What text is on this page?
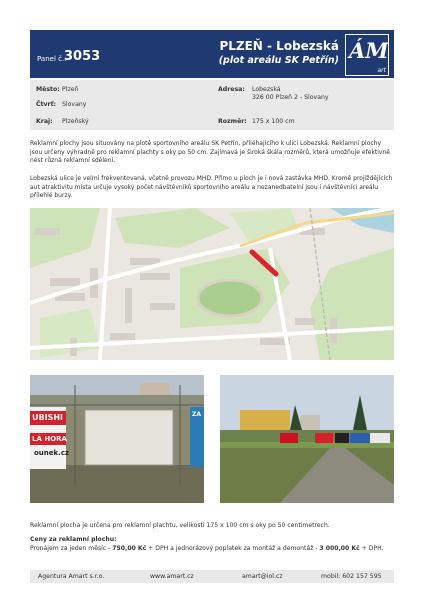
Panel č.:
3053
PLZEŇ - Lobezská
(plot areálu SK Petřín) ÁM
art
Město: Plzeň
Čtvrť: Slovany
Kraj: Plzeňský
Adresa: Lobezská
326 00 Plzeň 2 - Slovany
Rozměr: 175 x 100 cm
Reklamní plochy jsou situovány na plotě sportovního areálu SK Petřín, přiléhajícího k ulici Lobezská. Reklamní plochy jsou určeny výhradně pro reklamní plachty s oky po 50 cm. Zajímavá je široká škála rozměrů, která umožňuje efektivně nést různá reklamní sdělení.
Lobezská ulice je velmi frekventovaná, včetně provozu MHD. Přímo u ploch je i nová zastávka MHD. Kromě projíždějících aut atraktivitu místa určuje vysoký počet návštěvníků sportovního areálu a nezanedbatelní jsou i návštěvníci areálu přilehlé burzy.
UBISHI
LÁ HORA
ounek.cz
ZA
Reklamní plocha je určena pro reklamní plachtu, velikosti 175 x 100 cm s oky po 50 centimetrech.
Ceny za reklamní plochu:
Pronájem za jeden měsíc - 750,00 Kč + DPH a jednorázový poplatek za montáž a demontáž - 3 000,00 Kč + DPH.
Agentura Amart s.r.o.	www.amart.cz	amart@iol.cz	mobil: 602 157 595
